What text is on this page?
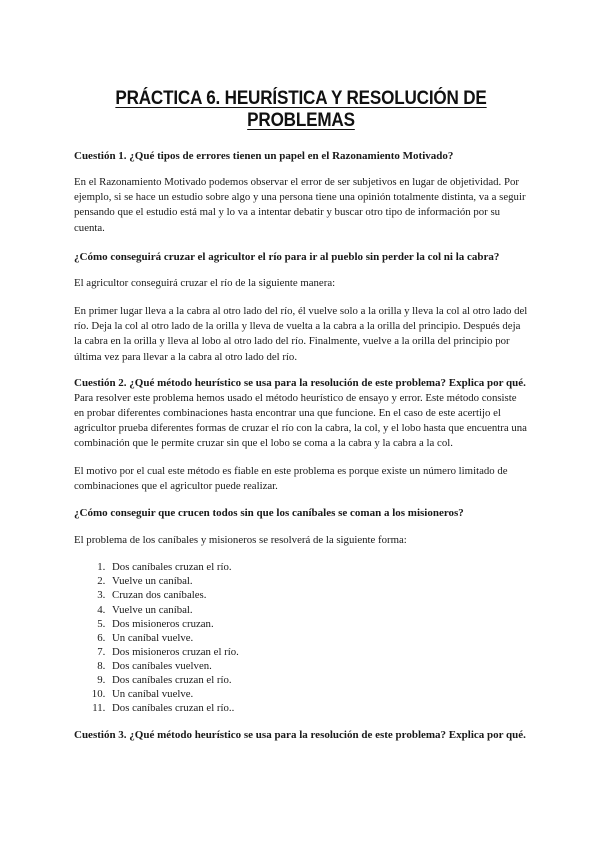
PRÁCTICA 6. HEURÍSTICA Y RESOLUCIÓN DE PROBLEMAS
Cuestión 1. ¿Qué tipos de errores tienen un papel en el Razonamiento Motivado?

En el Razonamiento Motivado podemos observar el error de ser subjetivos en lugar de objetividad. Por ejemplo, si se hace un estudio sobre algo y una persona tiene una opinión totalmente distinta, va a seguir pensando que el estudio está mal y lo va a intentar debatir y buscar otro tipo de información por su cuenta.

¿Cómo conseguirá cruzar el agricultor el río para ir al pueblo sin perder la col ni la cabra?

El agricultor conseguirá cruzar el río de la siguiente manera:

En primer lugar lleva a la cabra al otro lado del río, él vuelve solo a la orilla y lleva la col al otro lado del río. Deja la col al otro lado de la orilla y lleva de vuelta a la cabra a la orilla del principio. Después deja la cabra en la orilla y lleva al lobo al otro lado del río. Finalmente, vuelve a la orilla del principio por última vez para llevar a la cabra al otro lado del río.

Cuestión 2. ¿Qué método heurístico se usa para la resolución de este problema? Explica por qué.

Para resolver este problema hemos usado el método heurístico de ensayo y error. Este método consiste en probar diferentes combinaciones hasta encontrar una que funcione. En el caso de este acertijo el agricultor prueba diferentes formas de cruzar el río con la cabra, la col, y el lobo hasta que encuentra una combinación que le permite cruzar sin que el lobo se coma a la cabra y la cabra a la col.

El motivo por el cual este método es fiable en este problema es porque existe un número limitado de combinaciones que el agricultor puede realizar.

¿Cómo conseguir que crucen todos sin que los caníbales se coman a los misioneros?

El problema de los caníbales y misioneros se resolverá de la siguiente forma:

1. Dos caníbales cruzan el río.
2. Vuelve un caníbal.
3. Cruzan dos caníbales.
4. Vuelve un caníbal.
5. Dos misioneros cruzan.
6. Un caníbal vuelve.
7. Dos misioneros cruzan el río.
8. Dos caníbales vuelven.
9. Dos caníbales cruzan el río.
10. Un caníbal vuelve.
11. Dos caníbales cruzan el río..
Cuestión 3. ¿Qué método heurístico se usa para la resolución de este problema? Explica por qué.
